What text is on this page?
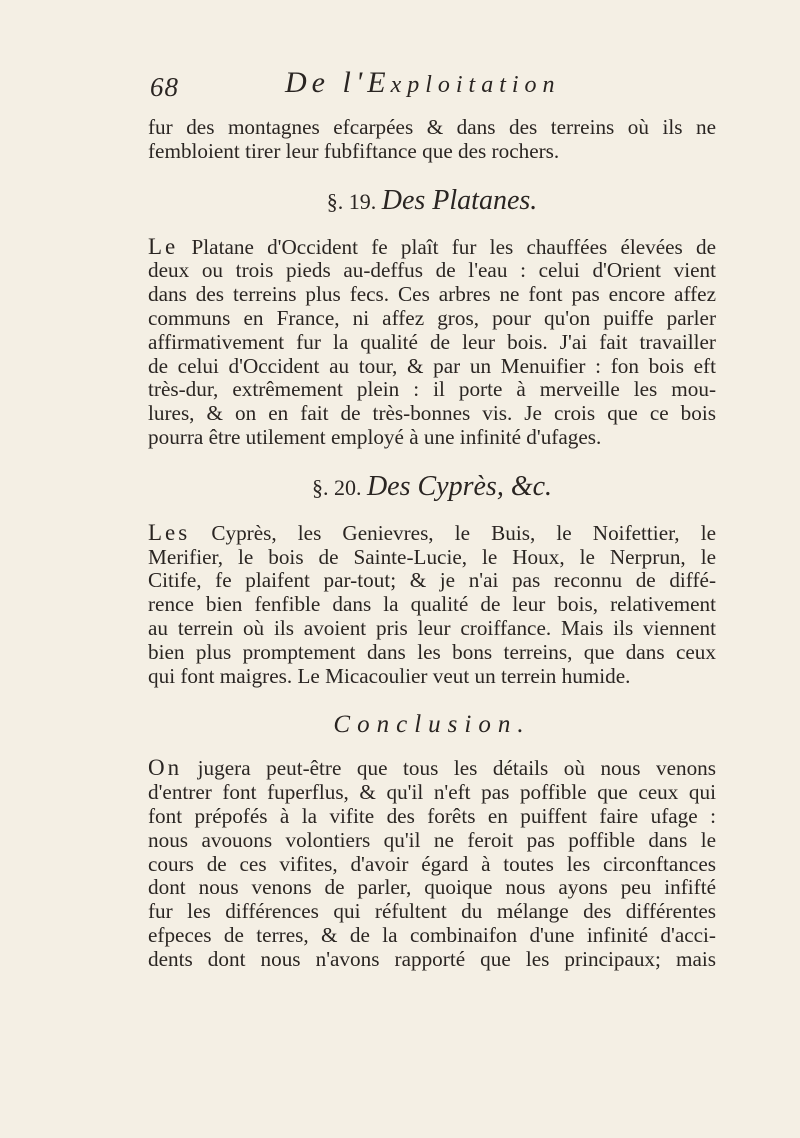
68	De l'Exploitation
fur des montagnes efcarpées & dans des terreins où ils ne
fembloient tirer leur fubfiftance que des rochers.
§. 19. Des Platanes.
Le Platane d'Occident fe plaît fur les chauffées élevées de
deux ou trois pieds au-deffus de l'eau : celui d'Orient vient
dans des terreins plus fecs. Ces arbres ne font pas encore affez
communs en France, ni affez gros, pour qu'on puiffe parler
affirmativement fur la qualité de leur bois. J'ai fait travailler
de celui d'Occident au tour, & par un Menuifier : fon bois eft
très-dur, extrêmement plein : il porte à merveille les mou-
lures, & on en fait de très-bonnes vis. Je crois que ce bois
pourra être utilement employé à une infinité d'ufages.
§. 20. Des Cyprès, &c.
Les Cyprès, les Genievres, le Buis, le Noifettier, le
Merifier, le bois de Sainte-Lucie, le Houx, le Nerprun, le
Citife, fe plaifent par-tout; & je n'ai pas reconnu de diffé-
rence bien fenfible dans la qualité de leur bois, relativement
au terrein où ils avoient pris leur croiffance. Mais ils viennent
bien plus promptement dans les bons terreins, que dans ceux
qui font maigres. Le Micacoulier veut un terrein humide.
Conclusion.
On jugera peut-être que tous les détails où nous venons
d'entrer font fuperflus, & qu'il n'eft pas poffible que ceux qui
font prépofés à la vifite des forêts en puiffent faire ufage :
nous avouons volontiers qu'il ne feroit pas poffible dans le
cours de ces vifites, d'avoir égard à toutes les circonftances
dont nous venons de parler, quoique nous ayons peu infifté
fur les différences qui réfultent du mélange des différentes
efpeces de terres, & de la combinaifon d'une infinité d'acci-
dents dont nous n'avons rapporté que les principaux; mais
